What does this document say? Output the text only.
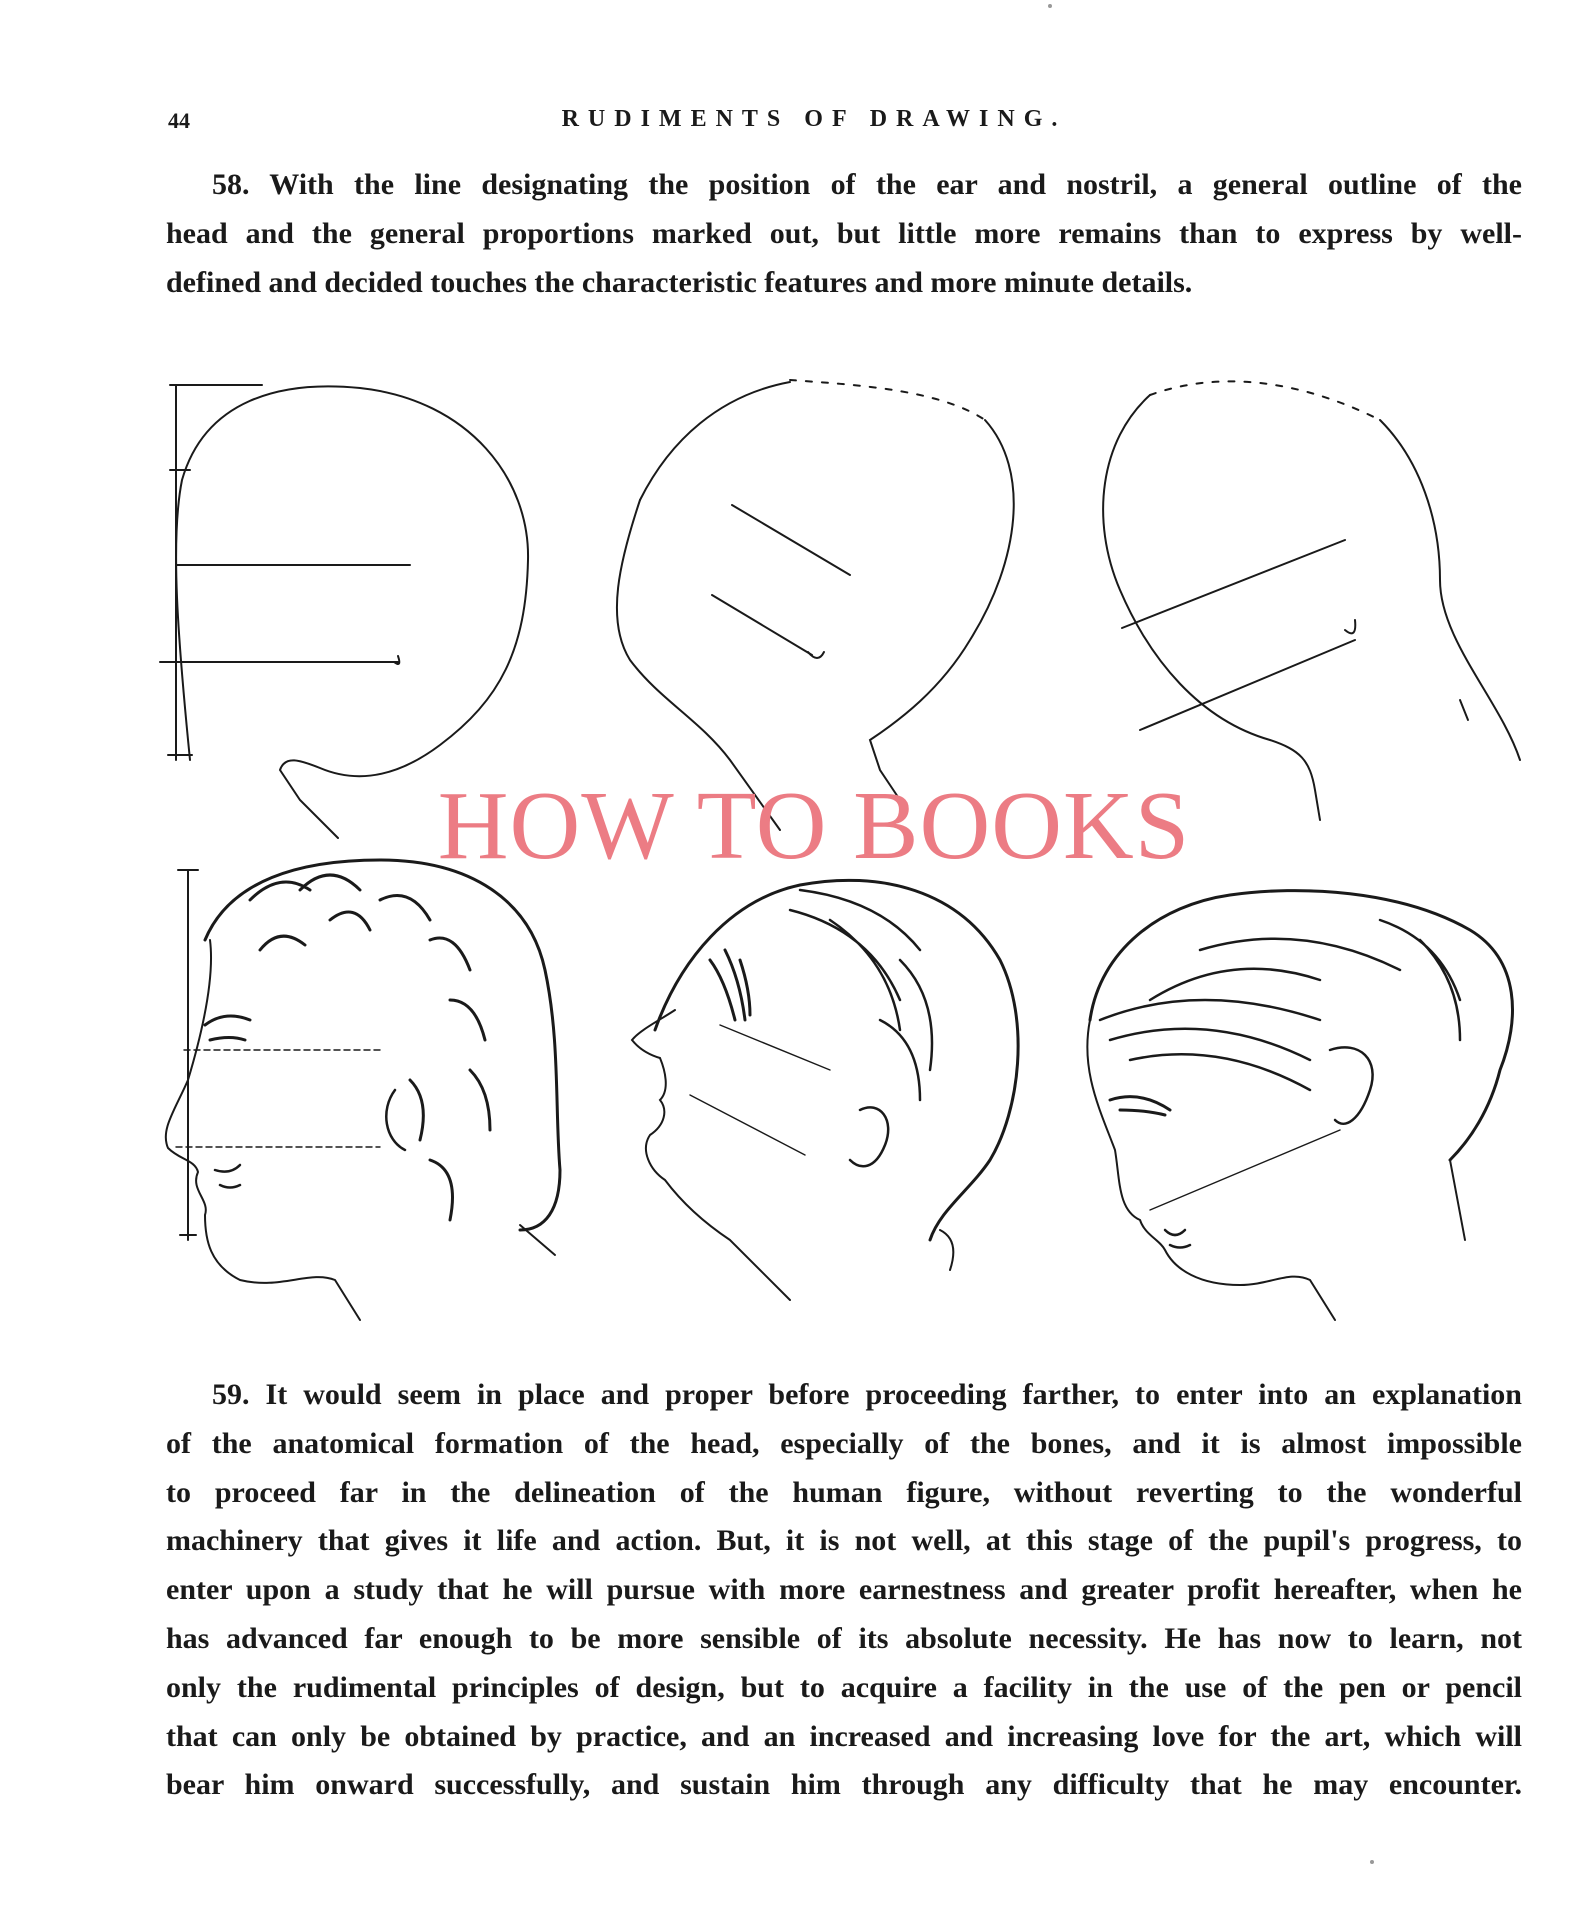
44	RUDIMENTS OF DRAWING.
58. With the line designating the position of the ear and nostril, a general outline of the
head and the general proportions marked out, but little more remains than to express by well-
defined and decided touches the characteristic features and more minute details.
HOW TO BOOKS
59. It would seem in place and proper before proceeding farther, to enter into an explanation
of the anatomical formation of the head, especially of the bones, and it is almost impossible
to proceed far in the delineation of the human figure, without reverting to the wonderful
machinery that gives it life and action. But, it is not well, at this stage of the pupil's progress, to
enter upon a study that he will pursue with more earnestness and greater profit hereafter, when he
has advanced far enough to be more sensible of its absolute necessity. He has now to learn, not
only the rudimental principles of design, but to acquire a facility in the use of the pen or pencil
that can only be obtained by practice, and an increased and increasing love for the art, which will
bear him onward successfully, and sustain him through any difficulty that he may encounter.
